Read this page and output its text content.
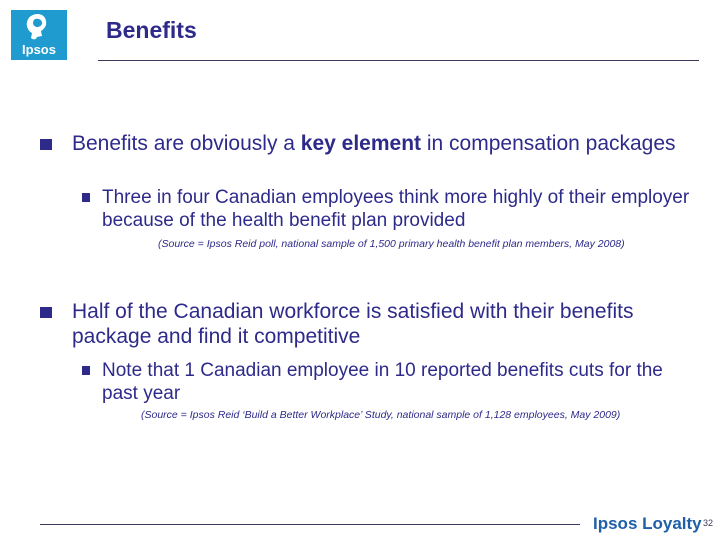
Ipsos
Benefits
Benefits are obviously a key element in compensation packages
Three in four Canadian employees think more highly of their employer because of the health benefit plan provided
(Source = Ipsos Reid poll, national sample of 1,500 primary health benefit plan members, May 2008)
Half of the Canadian workforce is satisfied with their benefits package and find it competitive
Note that 1 Canadian employee in 10 reported benefits cuts for the past year
(Source = Ipsos Reid ‘Build a Better Workplace’ Study, national sample of 1,128 employees, May 2009)
Ipsos Loyalty 32
